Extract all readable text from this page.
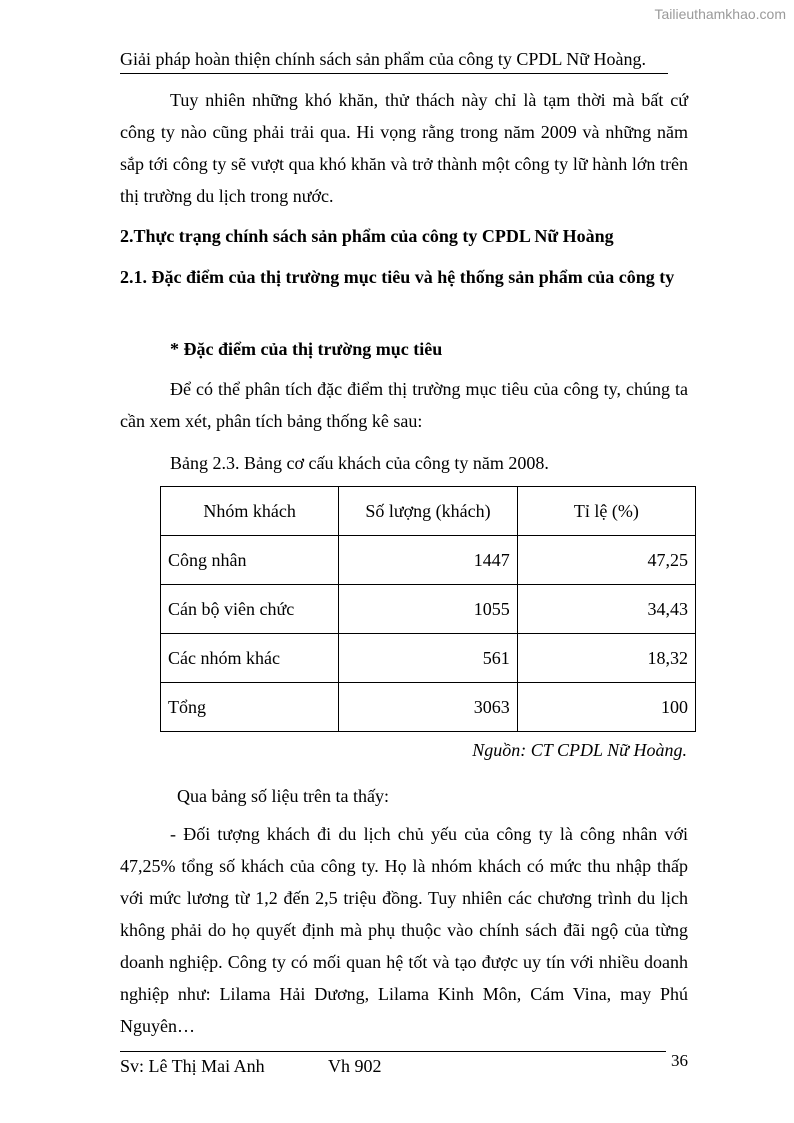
Tailieuthamkhao.com
Giải pháp hoàn thiện chính sách sản phẩm của công ty CPDL Nữ Hoàng.

Tuy nhiên những khó khăn, thử thách này chỉ là tạm thời mà bất cứ công ty nào cũng phải trải qua. Hi vọng rằng trong năm 2009 và những năm sắp tới công ty sẽ vượt qua khó khăn và trở thành một công ty lữ hành lớn trên thị trường du lịch trong nước.

2.Thực trạng chính sách sản phẩm của công ty CPDL Nữ Hoàng

2.1. Đặc điểm của thị trường mục tiêu và hệ thống sản phẩm của công ty

* Đặc điểm của thị trường mục tiêu

Để có thể phân tích đặc điểm thị trường mục tiêu của công ty, chúng ta cần xem xét, phân tích bảng thống kê sau:

Bảng 2.3. Bảng cơ cấu khách của công ty năm 2008.

Nhóm khách	Số lượng (khách)	Tỉ lệ (%)
Công nhân	1447	47,25
Cán bộ viên chức	1055	34,43
Các nhóm khác	561	18,32
Tổng	3063	100
Nguồn: CT CPDL Nữ Hoàng.

Qua bảng số liệu trên ta thấy:

- Đối tượng khách đi du lịch chủ yếu của công ty là công nhân với 47,25% tổng số khách của công ty. Họ là nhóm khách có mức thu nhập thấp với mức lương từ 1,2 đến 2,5 triệu đồng. Tuy nhiên các chương trình du lịch không phải do họ quyết định mà phụ thuộc vào chính sách đãi ngộ của từng doanh nghiệp. Công ty có mối quan hệ tốt và tạo được uy tín với nhiều doanh nghiệp như: Lilama Hải Dương, Lilama Kinh Môn, Cám Vina, may Phú Nguyên…

Sv: Lê Thị Mai Anh	Vh 902	36
